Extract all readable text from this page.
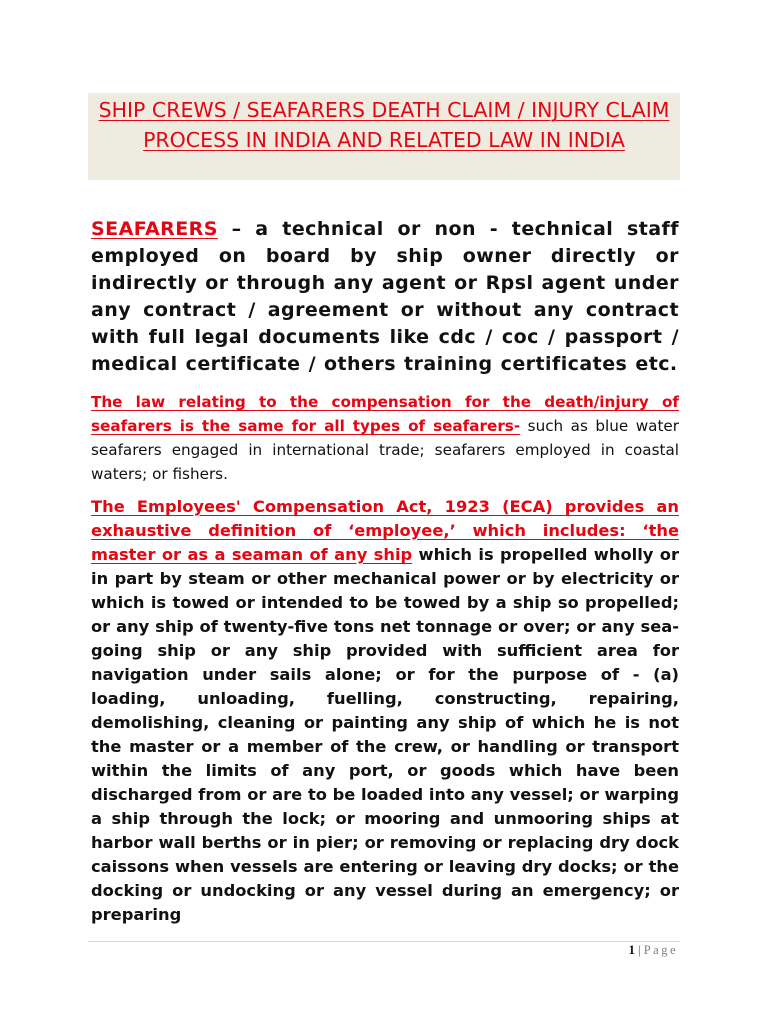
SHIP CREWS / SEAFARERS DEATH CLAIM / INJURY CLAIM PROCESS IN INDIA AND RELATED LAW IN INDIA

SEAFARERS – a technical or non - technical staff employed on board by ship owner directly or indirectly or through any agent or Rpsl agent under any contract / agreement or without any contract with full legal documents like cdc / coc / passport / medical certificate / others training certificates etc.

The law relating to the compensation for the death/injury of seafarers is the same for all types of seafarers- such as blue water seafarers engaged in international trade; seafarers employed in coastal waters; or fishers.

The Employees' Compensation Act, 1923 (ECA) provides an exhaustive definition of ‘employee,’ which includes: ‘the master or as a seaman of any ship which is propelled wholly or in part by steam or other mechanical power or by electricity or which is towed or intended to be towed by a ship so propelled; or any ship of twenty-five tons net tonnage or over; or any sea-going ship or any ship provided with sufficient area for navigation under sails alone; or for the purpose of - (a) loading, unloading, fuelling, constructing, repairing, demolishing, cleaning or painting any ship of which he is not the master or a member of the crew, or handling or transport within the limits of any port, or goods which have been discharged from or are to be loaded into any vessel; or warping a ship through the lock; or mooring and unmooring ships at harbor wall berths or in pier; or removing or replacing dry dock caissons when vessels are entering or leaving dry docks; or the docking or undocking or any vessel during an emergency; or preparing

1 | Page
